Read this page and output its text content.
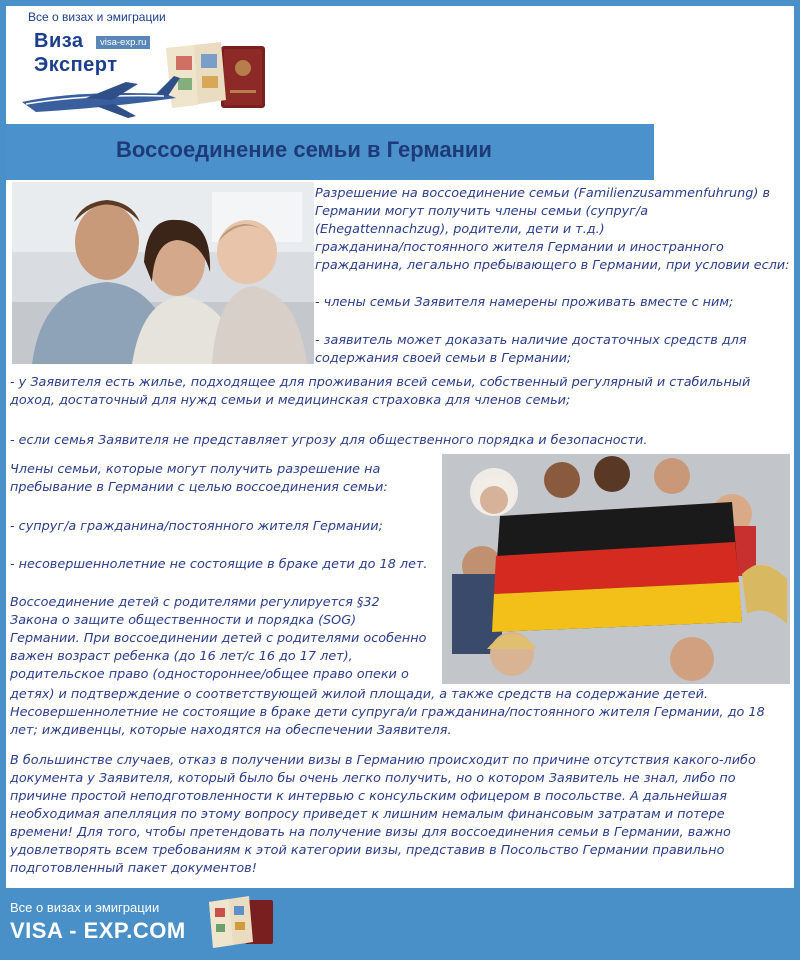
Все о визах и эмиграции
Виза
Эксперт
visa-exp.ru
Воссоединение семьи в Германии
Разрешение на воссоединение семьи (Familienzusammenfuhrung) в
Германии могут получить члены семьи (супруг/а
(Ehegattennachzug), родители, дети и т.д.)
гражданина/постоянного жителя Германии и иностранного
гражданина, легально пребывающего в Германии, при условии если:
- члены семьи Заявителя намерены проживать вместе с ним;
- заявитель может доказать наличие достаточных средств для
содержания своей семьи в Германии;
- у Заявителя есть жилье, подходящее для проживания всей семьи, собственный регулярный и стабильный
доход, достаточный для нужд семьи и медицинская страховка для членов семьи;
- если семья Заявителя не представляет угрозу для общественного порядка и безопасности.
Члены семьи, которые могут получить разрешение на
пребывание в Германии с целью воссоединения семьи:
- супруг/а гражданина/постоянного жителя Германии;
- несовершеннолетние не состоящие в браке дети до 18 лет.
Воссоединение детей с родителями регулируется §32
Закона о защите общественности и порядка (SOG)
Германии. При воссоединении детей с родителями особенно
важен возраст ребенка (до 16 лет/с 16 до 17 лет),
родительское право (одностороннее/общее право опеки о
детях) и подтверждение о соответствующей жилой площади, а также средств на содержание детей.
Несовершеннолетние не состоящие в браке дети супруга/и гражданина/постоянного жителя Германии, до 18
лет; иждивенцы, которые находятся на обеспечении Заявителя.
В большинстве случаев, отказ в получении визы в Германию происходит по причине отсутствия какого-либо
документа у Заявителя, который было бы очень легко получить, но о котором Заявитель не знал, либо по
причине простой неподготовленности к интервью с консульским офицером в посольстве. А дальнейшая
необходимая апелляция по этому вопросу приведет к лишним немалым финансовым затратам и потере
времени! Для того, чтобы претендовать на получение визы для воссоединения семьи в Германии, важно
удовлетворять всем требованиям к этой категории визы, представив в Посольство Германии правильно
подготовленный пакет документов!
Все о визах и эмиграции
VISA - EXP.COM
